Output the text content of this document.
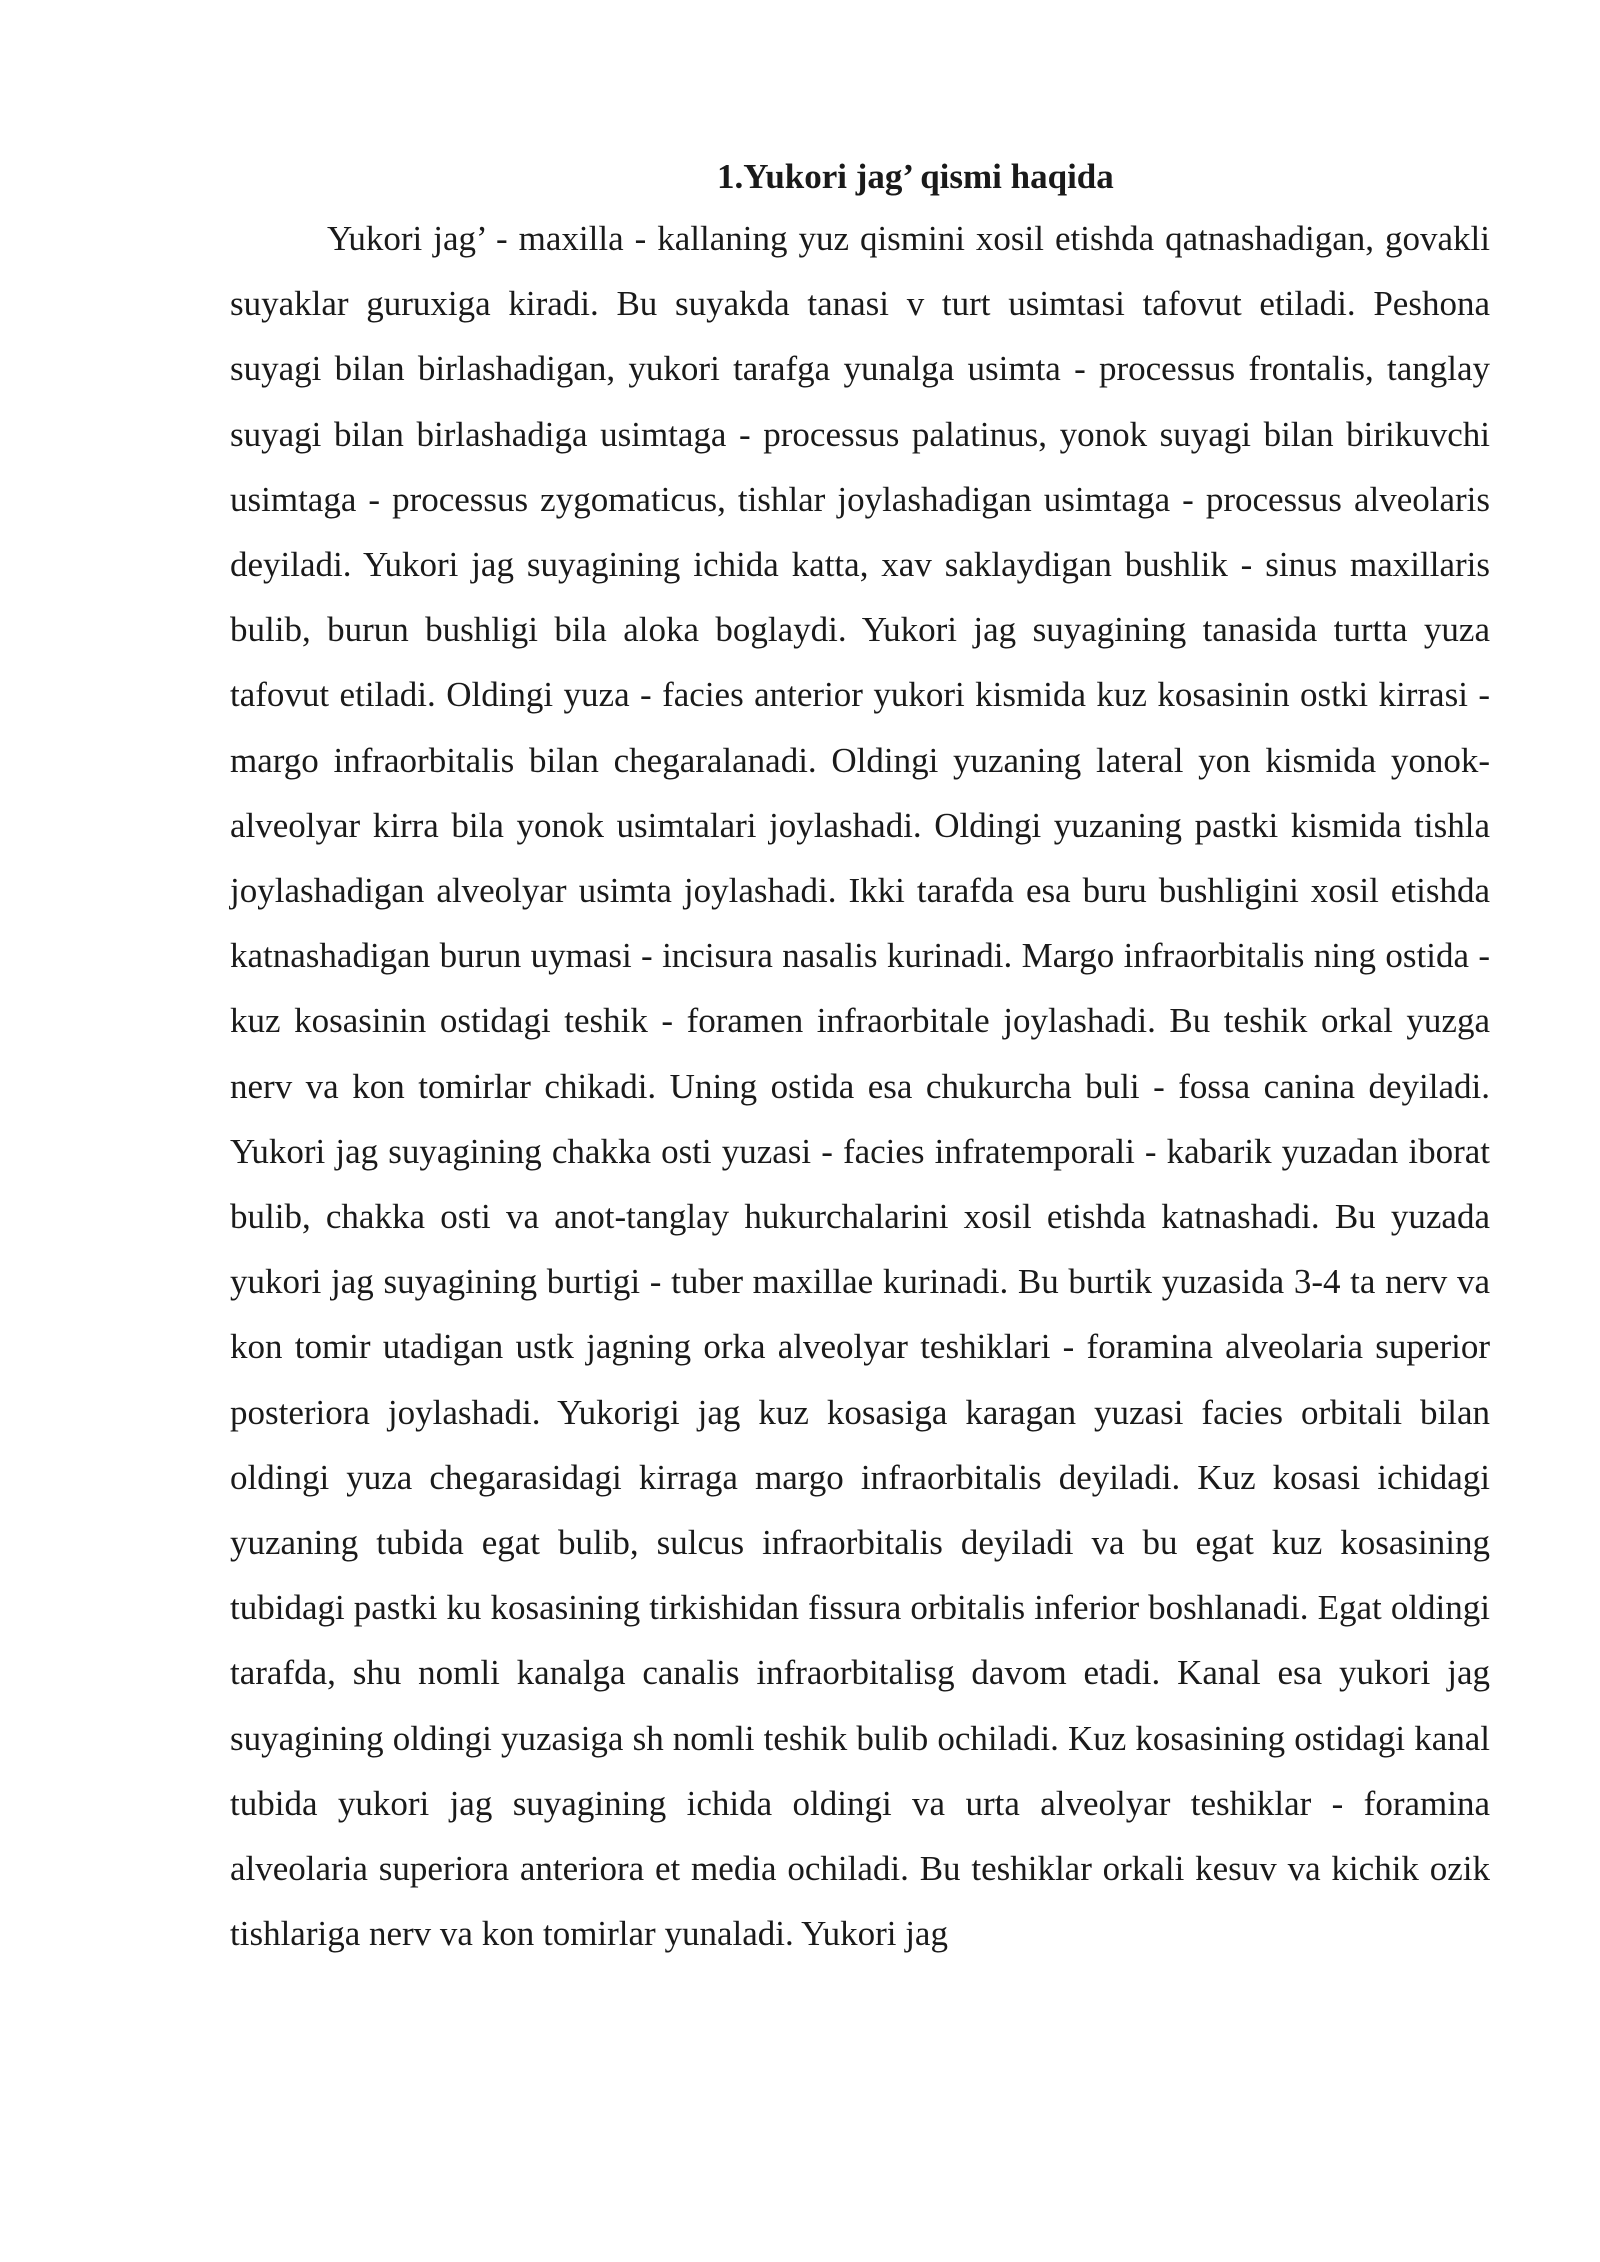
1.Yukori jag’ qismi haqida

Yukori jag’ - maxilla - kallaning yuz qismini xosil etishda qatnashadigan, govakli suyaklar guruxiga kiradi. Bu suyakda tanasi v turt usimtasi tafovut etiladi. Peshona suyagi bilan birlashadigan, yukori tarafga yunalga usimta - processus frontalis, tanglay suyagi bilan birlashadiga usimtaga - processus palatinus, yonok suyagi bilan birikuvchi usimtaga - processus zygomaticus, tishlar joylashadigan usimtaga - processus alveolaris deyiladi. Yukori jag suyagining ichida katta, xav saklaydigan bushlik - sinus maxillaris bulib, burun bushligi bila aloka boglaydi. Yukori jag suyagining tanasida turtta yuza tafovut etiladi. Oldingi yuza - facies anterior yukori kismida kuz kosasinin ostki kirrasi - margo infraorbitalis bilan chegaralanadi. Oldingi yuzaning lateral yon kismida yonok-alveolyar kirra bila yonok usimtalari joylashadi. Oldingi yuzaning pastki kismida tishla joylashadigan alveolyar usimta joylashadi. Ikki tarafda esa buru bushligini xosil etishda katnashadigan burun uymasi - incisura nasalis kurinadi. Margo infraorbitalis ning ostida - kuz kosasinin ostidagi teshik - foramen infraorbitale joylashadi. Bu teshik orkal yuzga nerv va kon tomirlar chikadi. Uning ostida esa chukurcha buli - fossa canina deyiladi. Yukori jag suyagining chakka osti yuzasi - facies infratemporali - kabarik yuzadan iborat bulib, chakka osti va anot-tanglay hukurchalarini xosil etishda katnashadi. Bu yuzada yukori jag suyagining burtigi - tuber maxillae kurinadi. Bu burtik yuzasida 3-4 ta nerv va kon tomir utadigan ustk jagning orka alveolyar teshiklari - foramina alveolaria superior posteriora joylashadi. Yukorigi jag kuz kosasiga karagan yuzasi facies orbitali bilan oldingi yuza chegarasidagi kirraga margo infraorbitalis deyiladi. Kuz kosasi ichidagi yuzaning tubida egat bulib, sulcus infraorbitalis deyiladi va bu egat kuz kosasining tubidagi pastki ku kosasining tirkishidan fissura orbitalis inferior boshlanadi. Egat oldingi tarafda, shu nomli kanalga canalis infraorbitalisg davom etadi. Kanal esa yukori jag suyagining oldingi yuzasiga sh nomli teshik bulib ochiladi. Kuz kosasining ostidagi kanal tubida yukori jag suyagining ichida oldingi va urta alveolyar teshiklar - foramina alveolaria superiora anteriora et media ochiladi. Bu teshiklar orkali kesuv va kichik ozik tishlariga nerv va kon tomirlar yunaladi. Yukori jag
